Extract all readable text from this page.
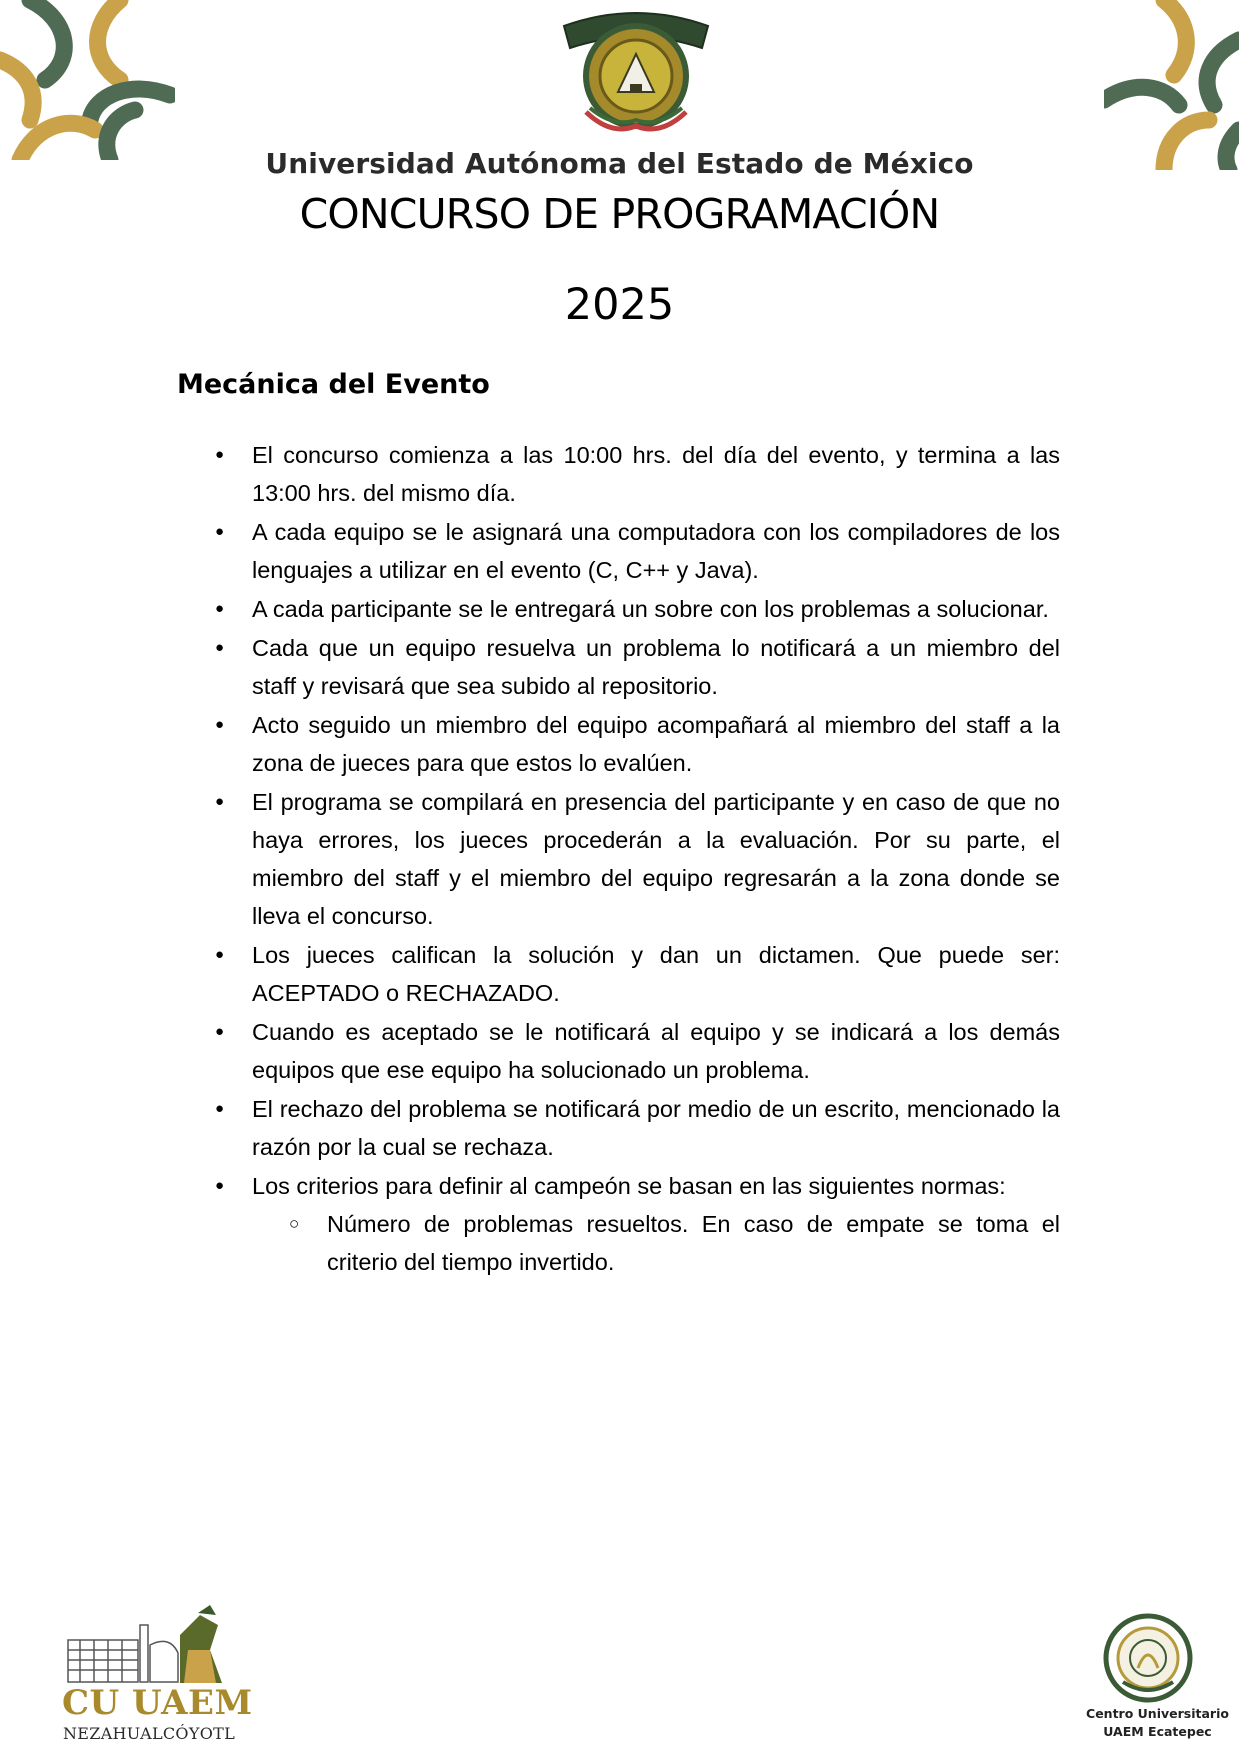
Universidad Autónoma del Estado de México
CONCURSO DE PROGRAMACIÓN
2025
Mecánica del Evento
● El concurso comienza a las 10:00 hrs. del día del evento, y termina a las 13:00 hrs. del mismo día.
● A cada equipo se le asignará una computadora con los compiladores de los lenguajes a utilizar en el evento (C, C++ y Java).
● A cada participante se le entregará un sobre con los problemas a solucionar.
● Cada que un equipo resuelva un problema lo notificará a un miembro del staff y revisará que sea subido al repositorio.
● Acto seguido un miembro del equipo acompañará al miembro del staff a la zona de jueces para que estos lo evalúen.
● El programa se compilará en presencia del participante y en caso de que no haya errores, los jueces procederán a la evaluación. Por su parte, el miembro del staff y el miembro del equipo regresarán a la zona donde se lleva el concurso.
● Los jueces califican la solución y dan un dictamen. Que puede ser: ACEPTADO o RECHAZADO.
● Cuando es aceptado se le notificará al equipo y se indicará a los demás equipos que ese equipo ha solucionado un problema.
● El rechazo del problema se notificará por medio de un escrito, mencionado la razón por la cual se rechaza.
● Los criterios para definir al campeón se basan en las siguientes normas:
○ Número de problemas resueltos. En caso de empate se toma el criterio del tiempo invertido.
CU UAEM
NEZAHUALCÓYOTL
Centro Universitario
UAEM Ecatepec
